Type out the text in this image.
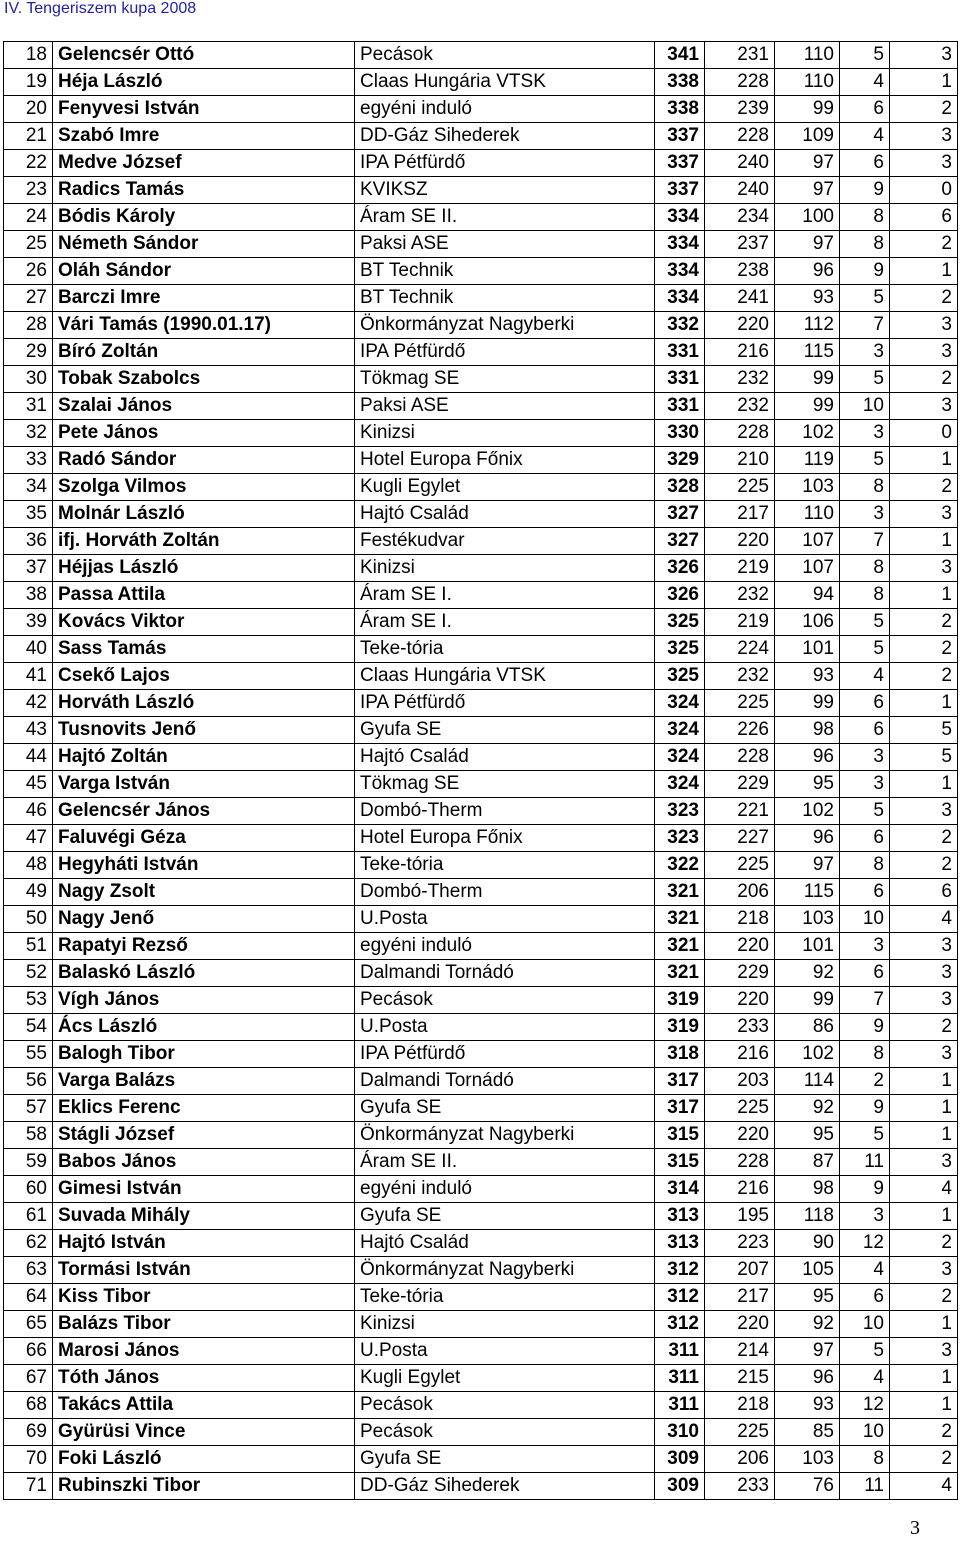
IV. Tengeriszem kupa 2008
18	Gelencsér Ottó	Pecások	341	231	110	5	3
19	Héja László	Claas Hungária VTSK	338	228	110	4	1
20	Fenyvesi István	egyéni induló	338	239	99	6	2
21	Szabó Imre	DD-Gáz Sihederek	337	228	109	4	3
22	Medve József	IPA Pétfürdő	337	240	97	6	3
23	Radics Tamás	KVIKSZ	337	240	97	9	0
24	Bódis Károly	Áram SE II.	334	234	100	8	6
25	Németh Sándor	Paksi ASE	334	237	97	8	2
26	Oláh Sándor	BT Technik	334	238	96	9	1
27	Barczi Imre	BT Technik	334	241	93	5	2
28	Vári Tamás (1990.01.17)	Önkormányzat Nagyberki	332	220	112	7	3
29	Bíró Zoltán	IPA Pétfürdő	331	216	115	3	3
30	Tobak Szabolcs	Tökmag SE	331	232	99	5	2
31	Szalai János	Paksi ASE	331	232	99	10	3
32	Pete János	Kinizsi	330	228	102	3	0
33	Radó Sándor	Hotel Europa Főnix	329	210	119	5	1
34	Szolga Vilmos	Kugli Egylet	328	225	103	8	2
35	Molnár László	Hajtó Család	327	217	110	3	3
36	ifj. Horváth Zoltán	Festékudvar	327	220	107	7	1
37	Héjjas László	Kinizsi	326	219	107	8	3
38	Passa Attila	Áram SE I.	326	232	94	8	1
39	Kovács Viktor	Áram SE I.	325	219	106	5	2
40	Sass Tamás	Teke-tória	325	224	101	5	2
41	Csekő Lajos	Claas Hungária VTSK	325	232	93	4	2
42	Horváth László	IPA Pétfürdő	324	225	99	6	1
43	Tusnovits Jenő	Gyufa SE	324	226	98	6	5
44	Hajtó Zoltán	Hajtó Család	324	228	96	3	5
45	Varga István	Tökmag SE	324	229	95	3	1
46	Gelencsér János	Dombó-Therm	323	221	102	5	3
47	Faluvégi Géza	Hotel Europa Főnix	323	227	96	6	2
48	Hegyháti István	Teke-tória	322	225	97	8	2
49	Nagy Zsolt	Dombó-Therm	321	206	115	6	6
50	Nagy Jenő	U.Posta	321	218	103	10	4
51	Rapatyi Rezső	egyéni induló	321	220	101	3	3
52	Balaskó László	Dalmandi Tornádó	321	229	92	6	3
53	Vígh János	Pecások	319	220	99	7	3
54	Ács László	U.Posta	319	233	86	9	2
55	Balogh Tibor	IPA Pétfürdő	318	216	102	8	3
56	Varga Balázs	Dalmandi Tornádó	317	203	114	2	1
57	Eklics Ferenc	Gyufa SE	317	225	92	9	1
58	Stágli József	Önkormányzat Nagyberki	315	220	95	5	1
59	Babos János	Áram SE II.	315	228	87	11	3
60	Gimesi István	egyéni induló	314	216	98	9	4
61	Suvada Mihály	Gyufa SE	313	195	118	3	1
62	Hajtó István	Hajtó Család	313	223	90	12	2
63	Tormási István	Önkormányzat Nagyberki	312	207	105	4	3
64	Kiss Tibor	Teke-tória	312	217	95	6	2
65	Balázs Tibor	Kinizsi	312	220	92	10	1
66	Marosi János	U.Posta	311	214	97	5	3
67	Tóth János	Kugli Egylet	311	215	96	4	1
68	Takács Attila	Pecások	311	218	93	12	1
69	Gyürüsi Vince	Pecások	310	225	85	10	2
70	Foki László	Gyufa SE	309	206	103	8	2
71	Rubinszki Tibor	DD-Gáz Sihederek	309	233	76	11	4
3
